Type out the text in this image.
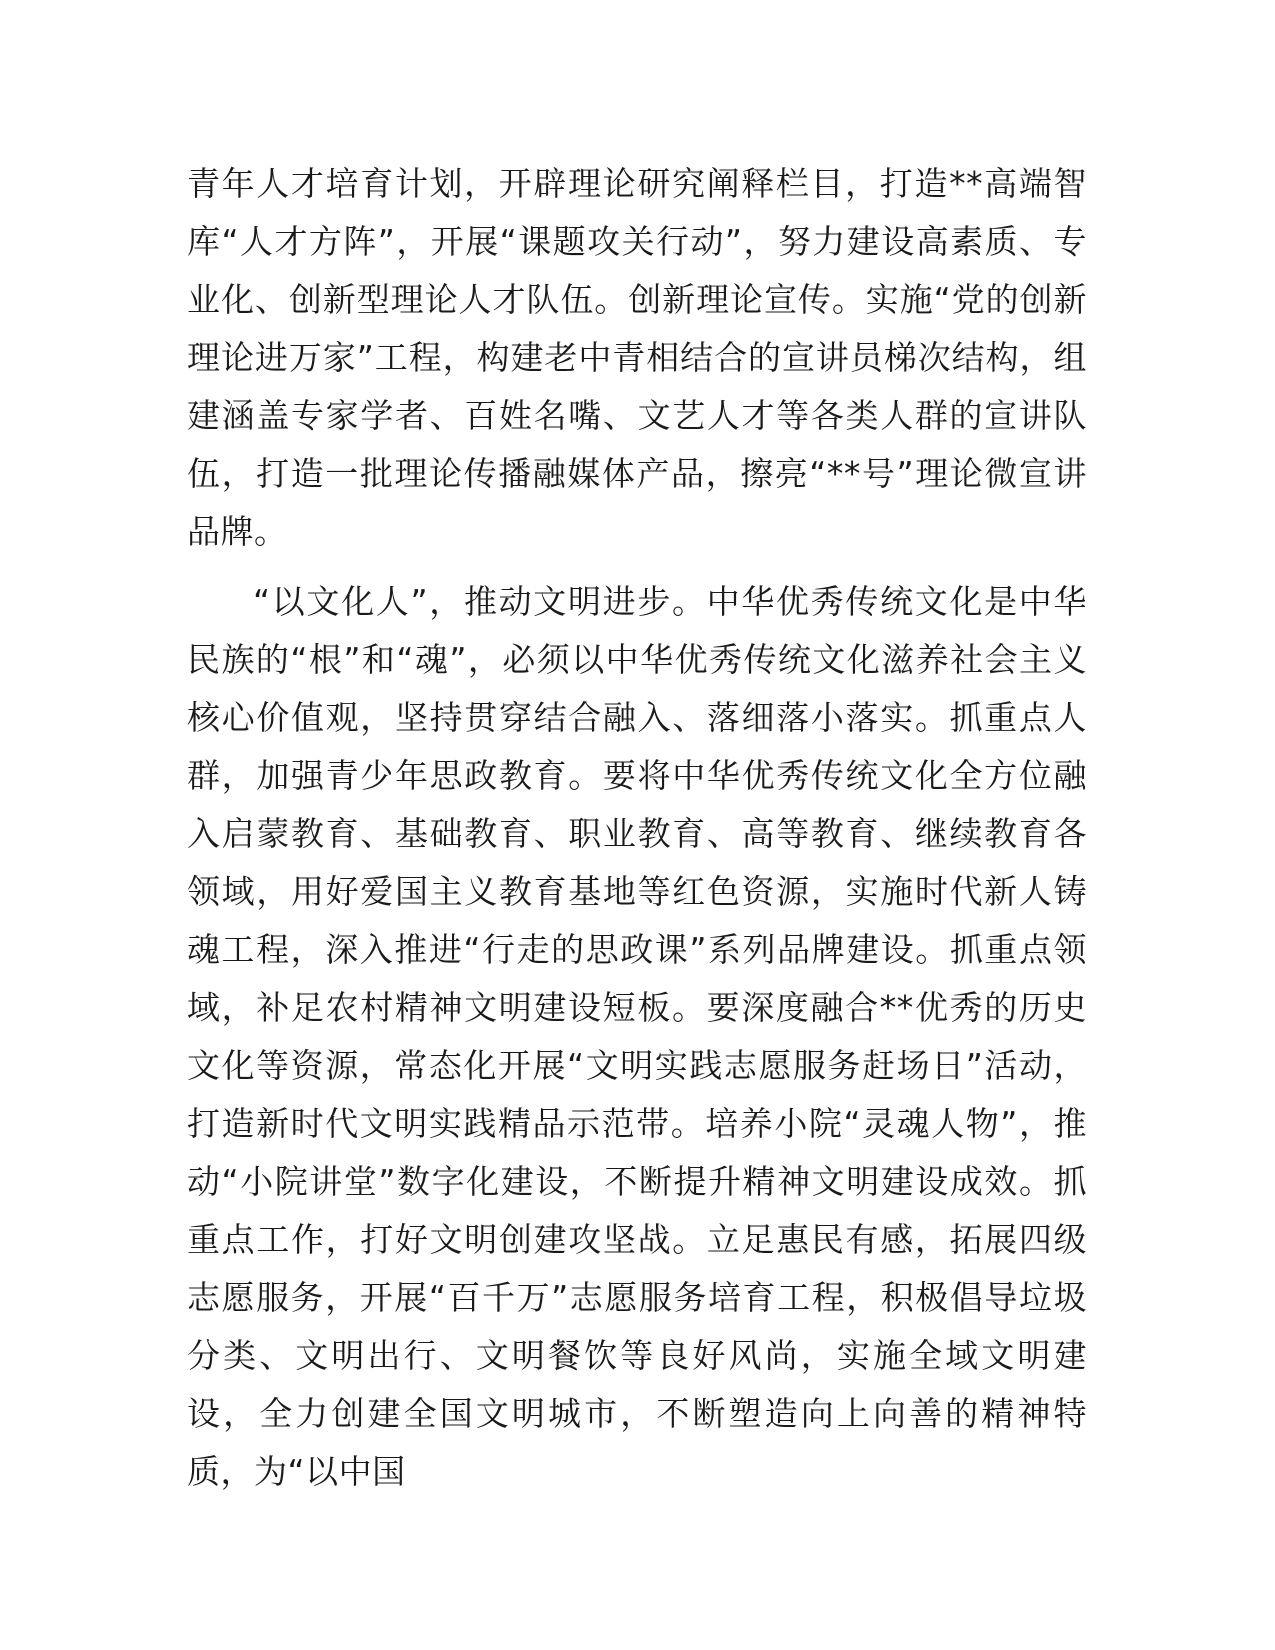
青年人才培育计划，开辟理论研究阐释栏目，打造**高端智库“人才方阵”，开展“课题攻关行动”，努力建设高素质、专业化、创新型理论人才队伍。创新理论宣传。实施“党的创新理论进万家”工程，构建老中青相结合的宣讲员梯次结构，组建涵盖专家学者、百姓名嘴、文艺人才等各类人群的宣讲队伍，打造一批理论传播融媒体产品，擦亮“**号”理论微宣讲品牌。

“以文化人”，推动文明进步。中华优秀传统文化是中华民族的“根”和“魂”，必须以中华优秀传统文化滋养社会主义核心价值观，坚持贯穿结合融入、落细落小落实。抓重点人群，加强青少年思政教育。要将中华优秀传统文化全方位融入启蒙教育、基础教育、职业教育、高等教育、继续教育各领域，用好爱国主义教育基地等红色资源，实施时代新人铸魂工程，深入推进“行走的思政课”系列品牌建设。抓重点领域，补足农村精神文明建设短板。要深度融合**优秀的历史文化等资源，常态化开展“文明实践志愿服务赶场日”活动，打造新时代文明实践精品示范带。培养小院“灵魂人物”，推动“小院讲堂”数字化建设，不断提升精神文明建设成效。抓重点工作，打好文明创建攻坚战。立足惠民有感，拓展四级志愿服务，开展“百千万”志愿服务培育工程，积极倡导垃圾分类、文明出行、文明餐饮等良好风尚，实施全域文明建设，全力创建全国文明城市，不断塑造向上向善的精神特质，为“以中国
